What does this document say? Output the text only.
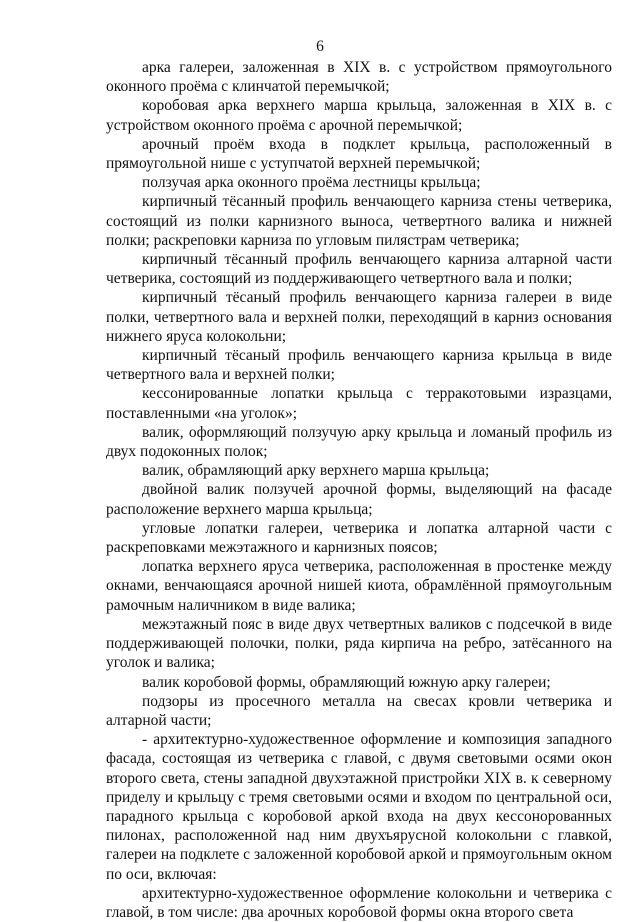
6

арка галереи, заложенная в XIX в. с устройством прямоугольного оконного проёма с клинчатой перемычкой;

коробовая арка верхнего марша крыльца, заложенная в XIX в. с устройством оконного проёма с арочной перемычкой;

арочный проём входа в подклет крыльца, расположенный в прямоугольной нише с уступчатой верхней перемычкой;

ползучая арка оконного проёма лестницы крыльца;

кирпичный тёсанный профиль венчающего карниза стены четверика, состоящий из полки карнизного выноса, четвертного валика и нижней полки; раскреповки карниза по угловым пилястрам четверика;

кирпичный тёсанный профиль венчающего карниза алтарной части четверика, состоящий из поддерживающего четвертного вала и полки;

кирпичный тёсаный профиль венчающего карниза галереи в виде полки, четвертного вала и верхней полки, переходящий в карниз основания нижнего яруса колокольни;

кирпичный тёсаный профиль венчающего карниза крыльца в виде четвертного вала и верхней полки;

кессонированные лопатки крыльца с терракотовыми изразцами, поставленными «на уголок»;

валик, оформляющий ползучую арку крыльца и ломаный профиль из двух подоконных полок;

валик, обрамляющий арку верхнего марша крыльца;

двойной валик ползучей арочной формы, выделяющий на фасаде расположение верхнего марша крыльца;

угловые лопатки галереи, четверика и лопатка алтарной части с раскреповками межэтажного и карнизных поясов;

лопатка верхнего яруса четверика, расположенная в простенке между окнами, венчающаяся арочной нишей киота, обрамлённой прямоугольным рамочным наличником в виде валика;

межэтажный пояс в виде двух четвертных валиков с подсечкой в виде поддерживающей полочки, полки, ряда кирпича на ребро, затёсанного на уголок и валика;

валик коробовой формы, обрамляющий южную арку галереи;

подзоры из просечного металла на свесах кровли четверика и алтарной части;

- архитектурно-художественное оформление и композиция западного фасада, состоящая из четверика с главой, с двумя световыми осями окон второго света, стены западной двухэтажной пристройки XIX в. к северному приделу и крыльцу с тремя световыми осями и входом по центральной оси, парадного крыльца с коробовой аркой входа на двух кессонорованных пилонах, расположенной над ним двухъярусной колокольни с главкой, галереи на подклете с заложенной коробовой аркой и прямоугольным окном по оси, включая:

архитектурно-художественное оформление колокольни и четверика с главой, в том числе: два арочных коробовой формы окна второго света
